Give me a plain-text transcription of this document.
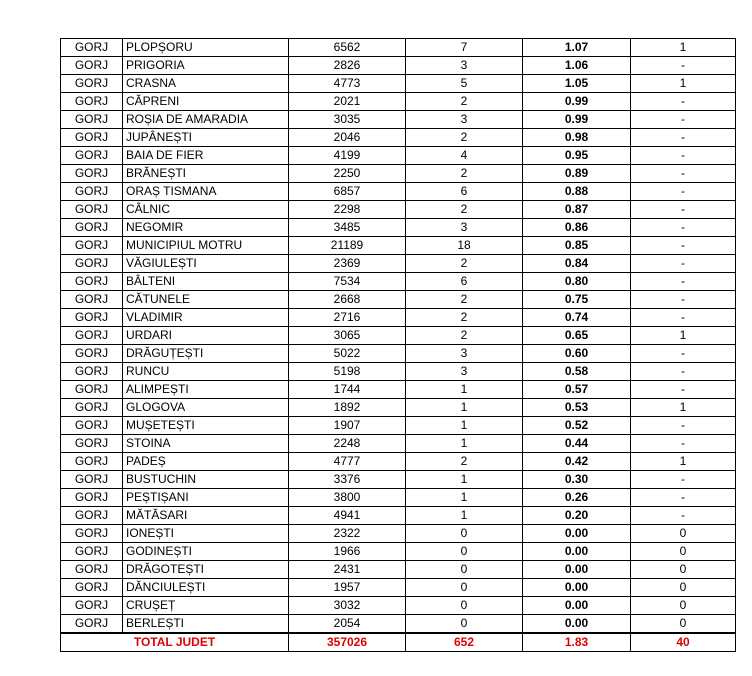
GORJ	PLOPȘORU	6562	7	1.07	1
GORJ	PRIGORIA	2826	3	1.06	-
GORJ	CRASNA	4773	5	1.05	1
GORJ	CĂPRENI	2021	2	0.99	-
GORJ	ROȘIA DE AMARADIA	3035	3	0.99	-
GORJ	JUPÂNEȘTI	2046	2	0.98	-
GORJ	BAIA DE FIER	4199	4	0.95	-
GORJ	BRĂNEȘTI	2250	2	0.89	-
GORJ	ORAȘ TISMANA	6857	6	0.88	-
GORJ	CÂLNIC	2298	2	0.87	-
GORJ	NEGOMIR	3485	3	0.86	-
GORJ	MUNICIPIUL MOTRU	21189	18	0.85	-
GORJ	VĂGIULEȘTI	2369	2	0.84	-
GORJ	BÂLTENI	7534	6	0.80	-
GORJ	CĂTUNELE	2668	2	0.75	-
GORJ	VLADIMIR	2716	2	0.74	-
GORJ	URDARI	3065	2	0.65	1
GORJ	DRĂGUȚEȘTI	5022	3	0.60	-
GORJ	RUNCU	5198	3	0.58	-
GORJ	ALIMPEȘTI	1744	1	0.57	-
GORJ	GLOGOVA	1892	1	0.53	1
GORJ	MUȘETEȘTI	1907	1	0.52	-
GORJ	STOINA	2248	1	0.44	-
GORJ	PADEȘ	4777	2	0.42	1
GORJ	BUSTUCHIN	3376	1	0.30	-
GORJ	PEȘTIȘANI	3800	1	0.26	-
GORJ	MĂTĂSARI	4941	1	0.20	-
GORJ	IONEȘTI	2322	0	0.00	0
GORJ	GODINEȘTI	1966	0	0.00	0
GORJ	DRĂGOTEȘTI	2431	0	0.00	0
GORJ	DĂNCIULEȘTI	1957	0	0.00	0
GORJ	CRUȘEȚ	3032	0	0.00	0
GORJ	BERLEȘTI	2054	0	0.00	0
TOTAL JUDET		357026	652	1.83	40
